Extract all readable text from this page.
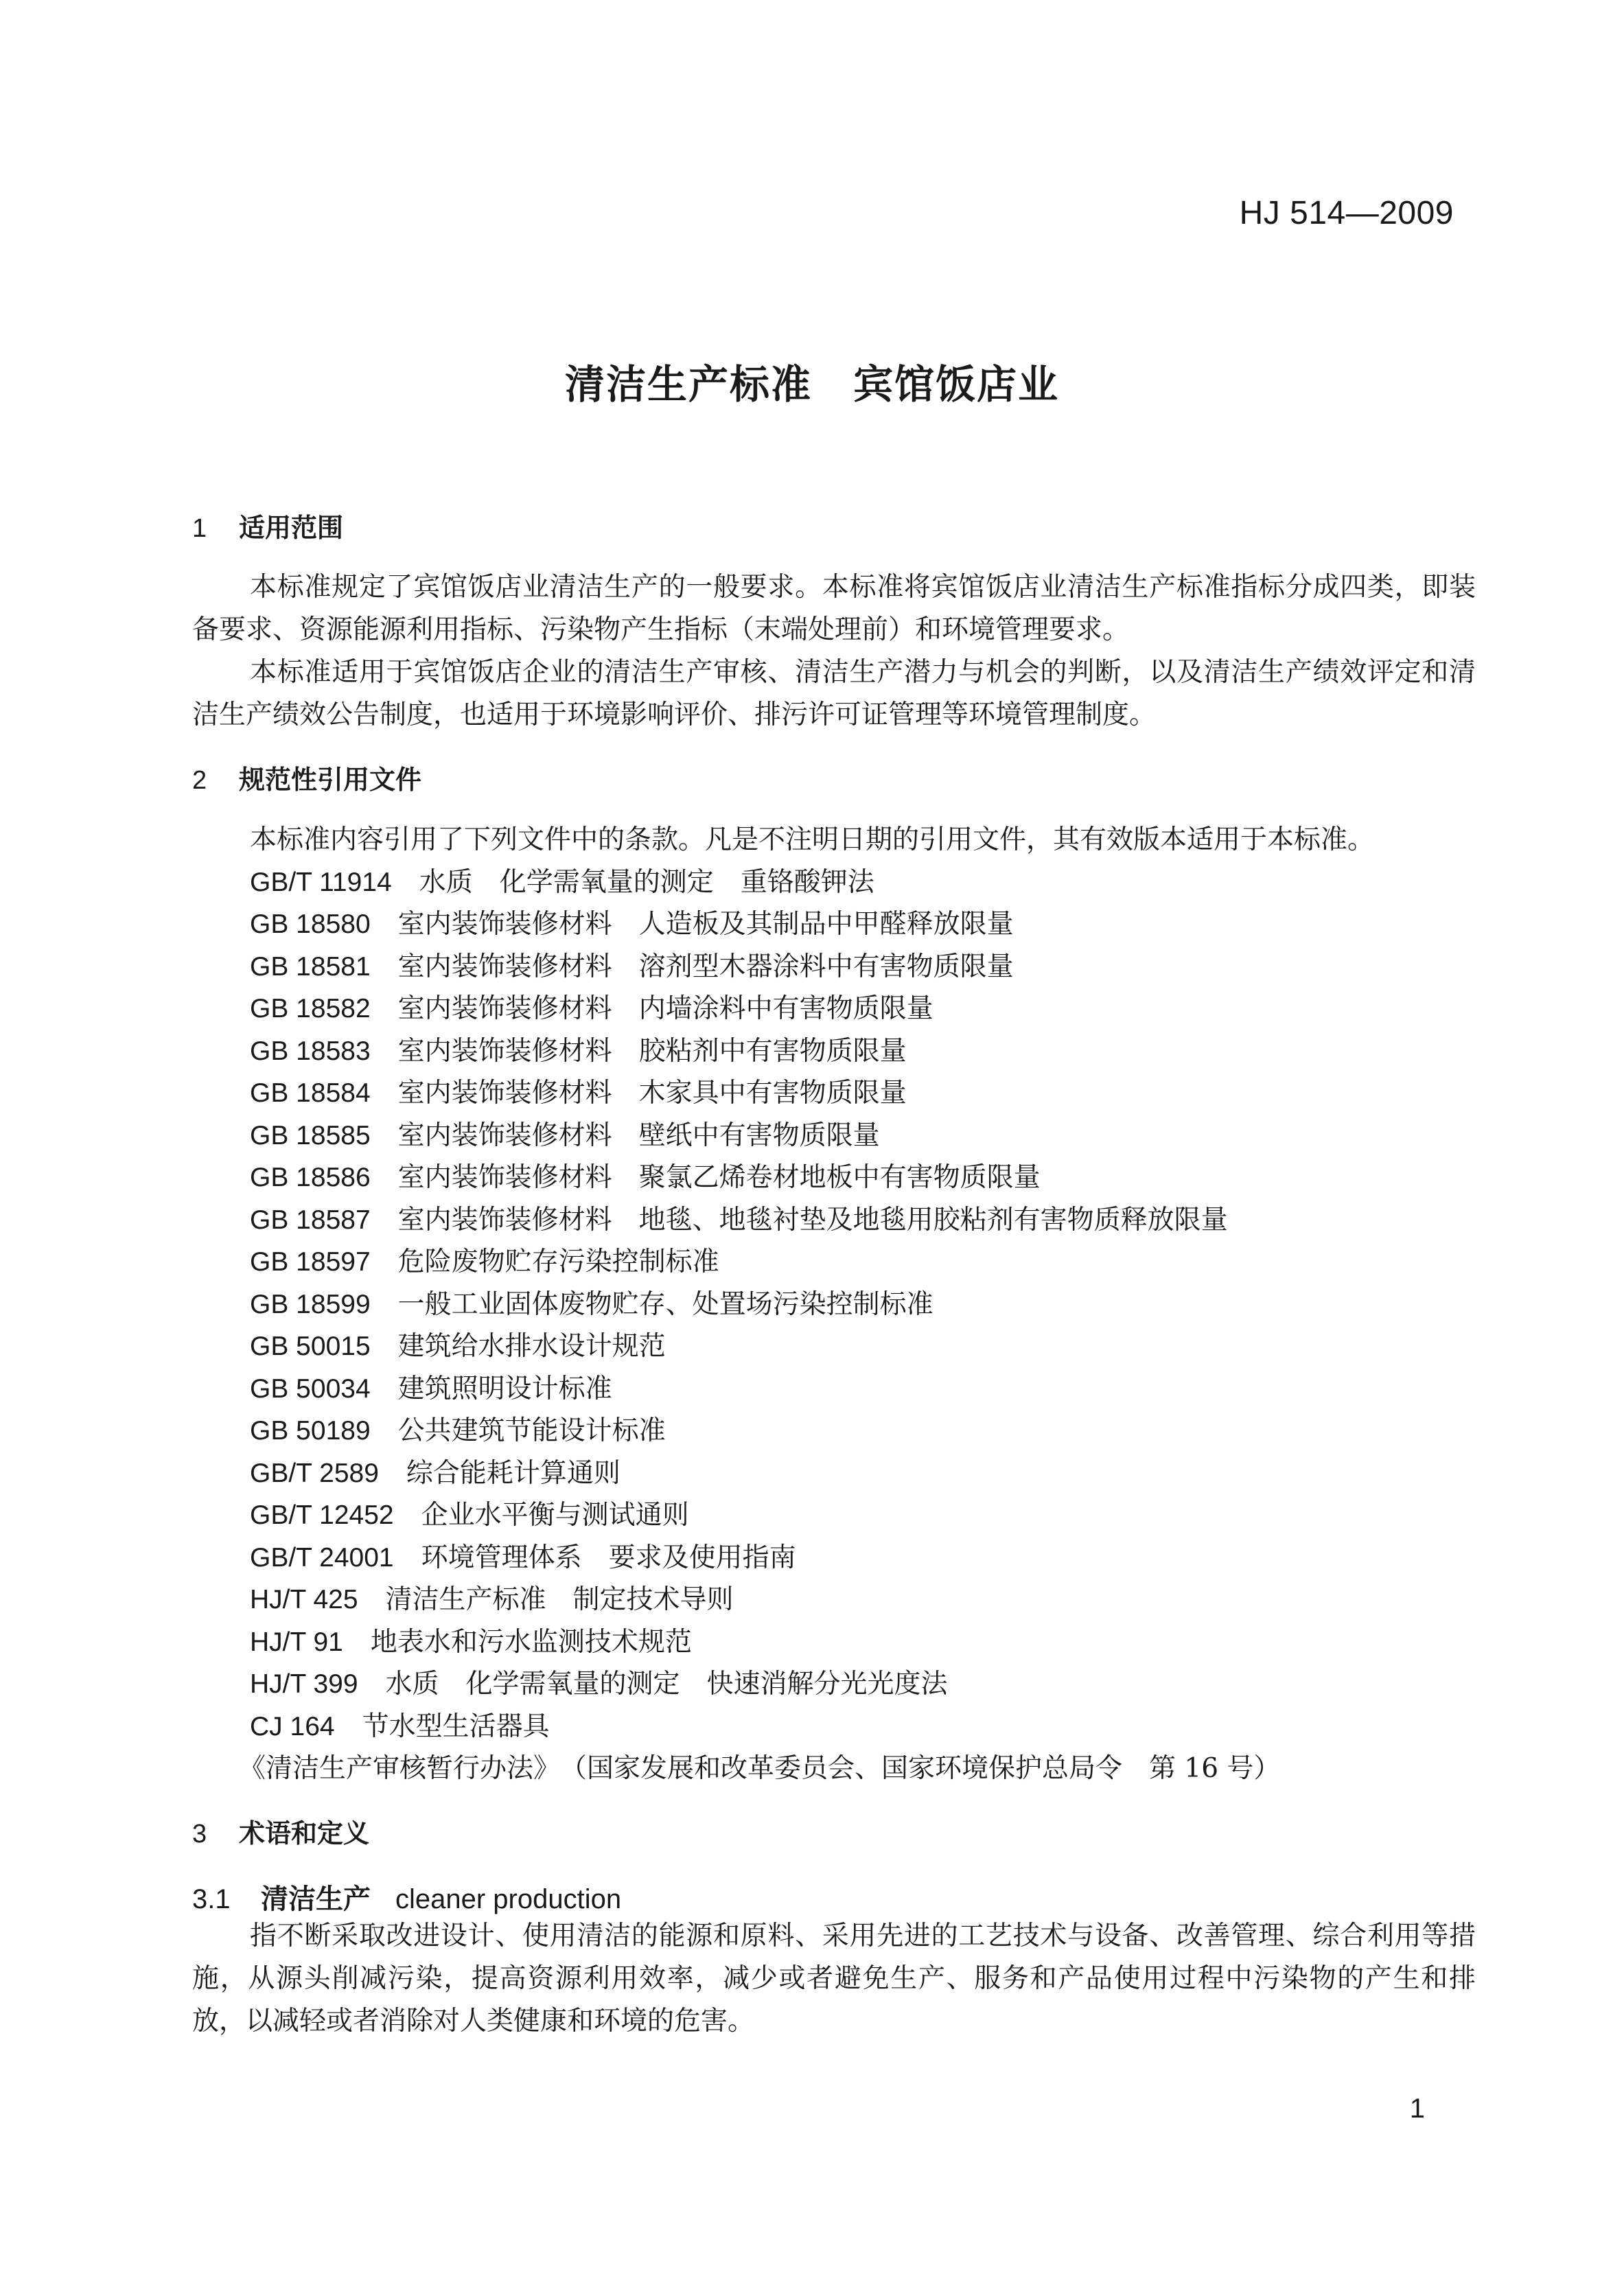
HJ 514—2009
清洁生产标准　宾馆饭店业
1 适用范围
本标准规定了宾馆饭店业清洁生产的一般要求。本标准将宾馆饭店业清洁生产标准指标分成四类，即装备要求、资源能源利用指标、污染物产生指标（末端处理前）和环境管理要求。
本标准适用于宾馆饭店企业的清洁生产审核、清洁生产潜力与机会的判断，以及清洁生产绩效评定和清洁生产绩效公告制度，也适用于环境影响评价、排污许可证管理等环境管理制度。
2 规范性引用文件
本标准内容引用了下列文件中的条款。凡是不注明日期的引用文件，其有效版本适用于本标准。
GB/T 11914 水质　化学需氧量的测定　重铬酸钾法
GB 18580 室内装饰装修材料　人造板及其制品中甲醛释放限量
GB 18581 室内装饰装修材料　溶剂型木器涂料中有害物质限量
GB 18582 室内装饰装修材料　内墙涂料中有害物质限量
GB 18583 室内装饰装修材料　胶粘剂中有害物质限量
GB 18584 室内装饰装修材料　木家具中有害物质限量
GB 18585 室内装饰装修材料　壁纸中有害物质限量
GB 18586 室内装饰装修材料　聚氯乙烯卷材地板中有害物质限量
GB 18587 室内装饰装修材料　地毯、地毯衬垫及地毯用胶粘剂有害物质释放限量
GB 18597 危险废物贮存污染控制标准
GB 18599 一般工业固体废物贮存、处置场污染控制标准
GB 50015 建筑给水排水设计规范
GB 50034 建筑照明设计标准
GB 50189 公共建筑节能设计标准
GB/T 2589 综合能耗计算通则
GB/T 12452 企业水平衡与测试通则
GB/T 24001 环境管理体系　要求及使用指南
HJ/T 425 清洁生产标准　制定技术导则
HJ/T 91 地表水和污水监测技术规范
HJ/T 399 水质　化学需氧量的测定　快速消解分光光度法
CJ 164 节水型生活器具
《清洁生产审核暂行办法》　（国家发展和改革委员会、国家环境保护总局令　第 16 号）
3 术语和定义
3.1 清洁生产 cleaner production
指不断采取改进设计、使用清洁的能源和原料、采用先进的工艺技术与设备、改善管理、综合利用等措施，从源头削减污染，提高资源利用效率，减少或者避免生产、服务和产品使用过程中污染物的产生和排放，以减轻或者消除对人类健康和环境的危害。
1
